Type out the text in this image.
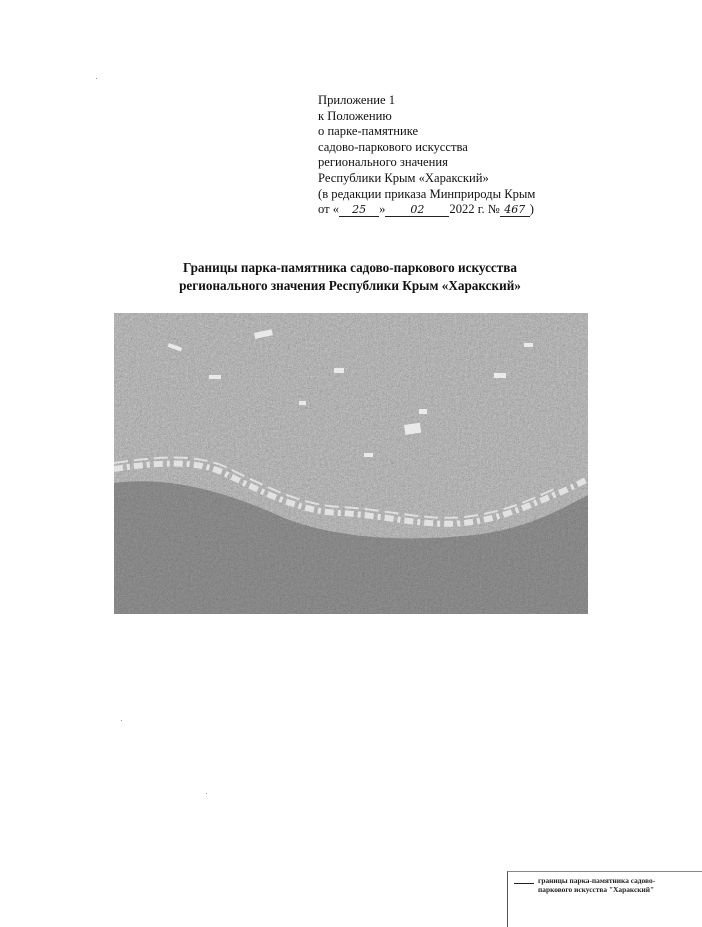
Приложение 1
к Положению
о парке-памятнике
садово-паркового искусства
регионального значения
Республики Крым «Харакский»
(в редакции приказа Минприроды Крым
от « 25 » 02 2022 г. № 467 )
Границы парка-памятника садово-паркового искусства
регионального значения Республики Крым «Харакский»
границы парка-памятника садово-
паркового искусства "Харакский"
